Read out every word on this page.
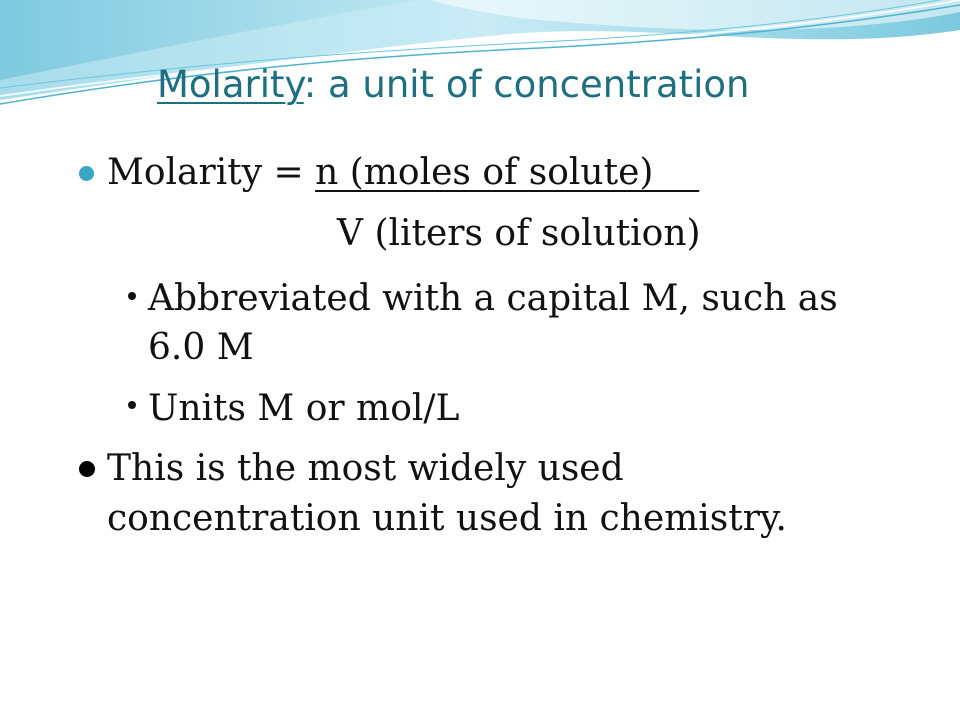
Molarity: a unit of concentration
Molarity = n (moles of solute)
V (liters of solution)
Abbreviated with a capital M, such as
6.0 M
Units M or mol/L
This is the most widely used
concentration unit used in chemistry.
